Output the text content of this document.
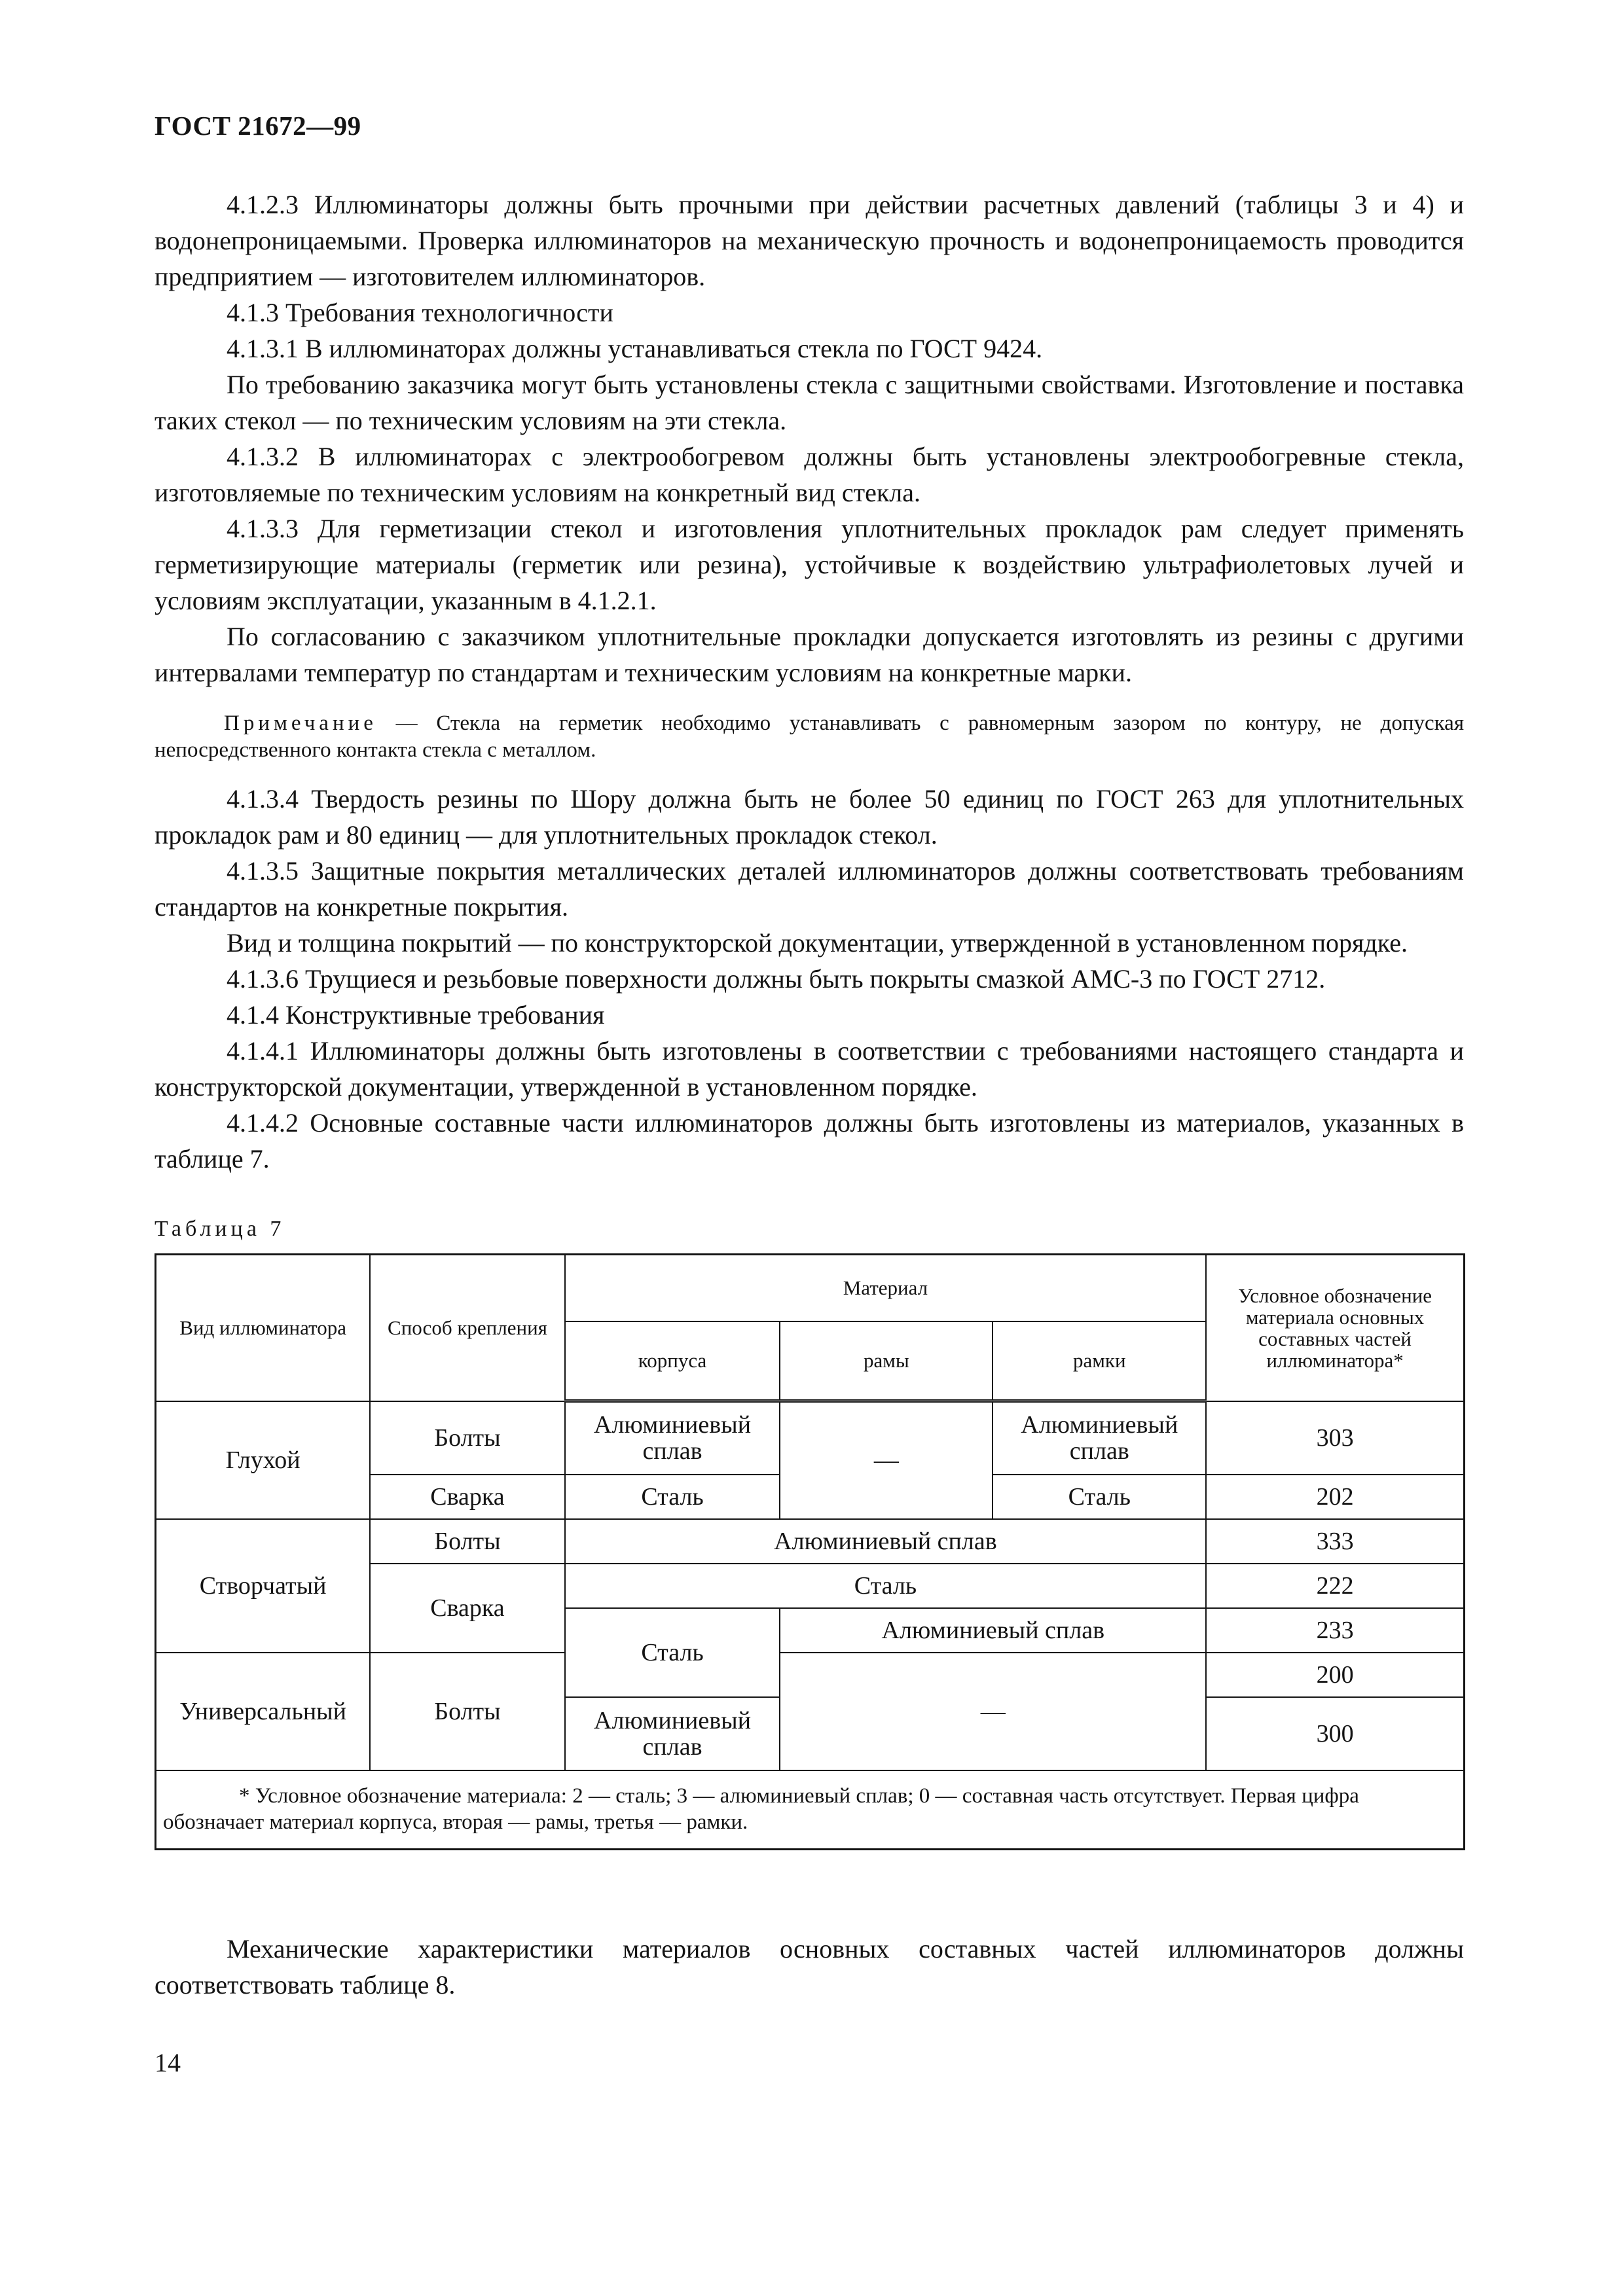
ГОСТ 21672—99

4.1.2.3 Иллюминаторы должны быть прочными при действии расчетных давлений (таблицы 3 и 4) и водонепроницаемыми. Проверка иллюминаторов на механическую прочность и водонепроницаемость проводится предприятием — изготовителем иллюминаторов.

4.1.3 Требования технологичности

4.1.3.1 В иллюминаторах должны устанавливаться стекла по ГОСТ 9424.

По требованию заказчика могут быть установлены стекла с защитными свойствами. Изготовление и поставка таких стекол — по техническим условиям на эти стекла.

4.1.3.2 В иллюминаторах с электрообогревом должны быть установлены электрообогревные стекла, изготовляемые по техническим условиям на конкретный вид стекла.

4.1.3.3 Для герметизации стекол и изготовления уплотнительных прокладок рам следует применять герметизирующие материалы (герметик или резина), устойчивые к воздействию ультрафиолетовых лучей и условиям эксплуатации, указанным в 4.1.2.1.

По согласованию с заказчиком уплотнительные прокладки допускается изготовлять из резины с другими интервалами температур по стандартам и техническим условиям на конкретные марки.

Примечание — Стекла на герметик необходимо устанавливать с равномерным зазором по контуру, не допуская непосредственного контакта стекла с металлом.

4.1.3.4 Твердость резины по Шору должна быть не более 50 единиц по ГОСТ 263 для уплотнительных прокладок рам и 80 единиц — для уплотнительных прокладок стекол.

4.1.3.5 Защитные покрытия металлических деталей иллюминаторов должны соответствовать требованиям стандартов на конкретные покрытия.

Вид и толщина покрытий — по конструкторской документации, утвержденной в установленном порядке.

4.1.3.6 Трущиеся и резьбовые поверхности должны быть покрыты смазкой АМС-3 по ГОСТ 2712.

4.1.4 Конструктивные требования

4.1.4.1 Иллюминаторы должны быть изготовлены в соответствии с требованиями настоящего стандарта и конструкторской документации, утвержденной в установленном порядке.

4.1.4.2 Основные составные части иллюминаторов должны быть изготовлены из материалов, указанных в таблице 7.

Таблица 7

Вид иллюминатора	Способ крепления	Материал			Условное обозначение материала основных составных частей иллюминатора*
		корпуса	рамы	рамки	
Глухой	Болты	Алюминиевый сплав	—	Алюминиевый сплав	303
	Сварка	Сталь		Сталь	202
Створчатый	Болты	Алюминиевый сплав			333
	Сварка	Сталь			222
		Сталь	Алюминиевый сплав		233
Универсальный	Болты		—		200
		Алюминиевый сплав			300
* Условное обозначение материала: 2 — сталь; 3 — алюминиевый сплав; 0 — составная часть отсутствует. Первая цифра обозначает материал корпуса, вторая — рамы, третья — рамки.					

Механические характеристики материалов основных составных частей иллюминаторов должны соответствовать таблице 8.

14
